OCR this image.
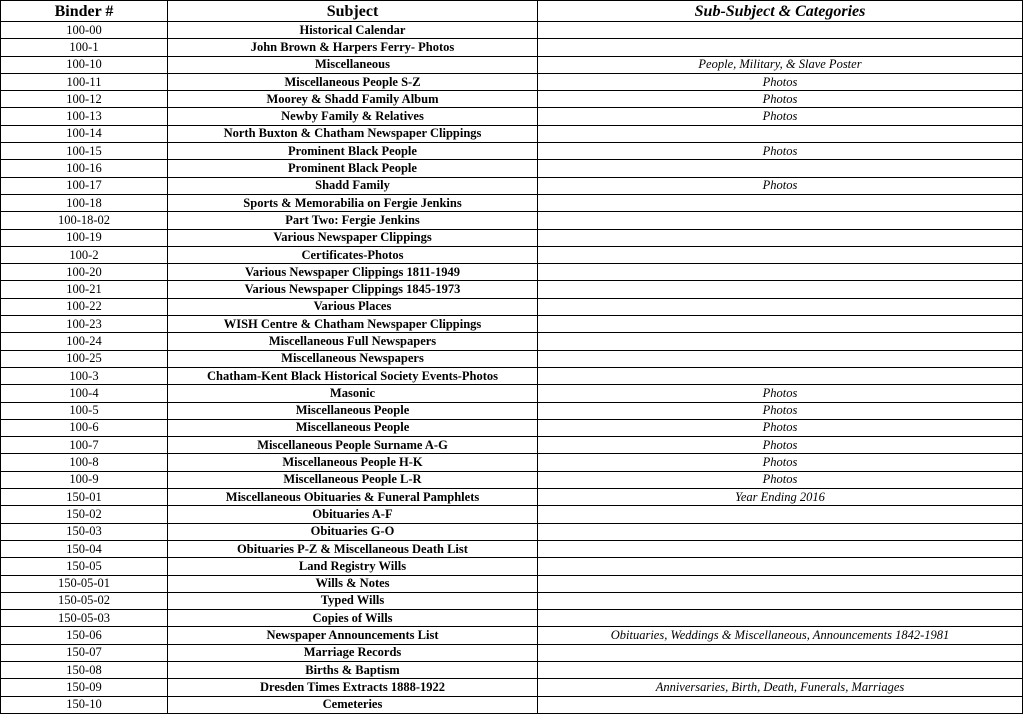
Binder #	Subject	Sub-Subject & Categories
100-00	Historical Calendar	
100-1	John Brown & Harpers Ferry- Photos	
100-10	Miscellaneous	People, Military, & Slave Poster
100-11	Miscellaneous People S-Z	Photos
100-12	Moorey & Shadd Family Album	Photos
100-13	Newby Family & Relatives	Photos
100-14	North Buxton & Chatham Newspaper Clippings	
100-15	Prominent Black People	Photos
100-16	Prominent Black People	
100-17	Shadd Family	Photos
100-18	Sports & Memorabilia on Fergie Jenkins	
100-18-02	Part Two: Fergie Jenkins	
100-19	Various Newspaper Clippings	
100-2	Certificates-Photos	
100-20	Various Newspaper Clippings 1811-1949	
100-21	Various Newspaper Clippings 1845-1973	
100-22	Various Places	
100-23	WISH Centre & Chatham Newspaper Clippings	
100-24	Miscellaneous Full Newspapers	
100-25	Miscellaneous Newspapers	
100-3	Chatham-Kent Black Historical Society Events-Photos	
100-4	Masonic	Photos
100-5	Miscellaneous People	Photos
100-6	Miscellaneous People	Photos
100-7	Miscellaneous People Surname A-G	Photos
100-8	Miscellaneous People H-K	Photos
100-9	Miscellaneous People L-R	Photos
150-01	Miscellaneous Obituaries & Funeral Pamphlets	Year Ending 2016
150-02	Obituaries A-F	
150-03	Obituaries G-O	
150-04	Obituaries P-Z & Miscellaneous Death List	
150-05	Land Registry Wills	
150-05-01	Wills & Notes	
150-05-02	Typed Wills	
150-05-03	Copies of Wills	
150-06	Newspaper Announcements List	Obituaries, Weddings & Miscellaneous, Announcements 1842-1981
150-07	Marriage Records	
150-08	Births & Baptism	
150-09	Dresden Times Extracts 1888-1922	Anniversaries, Birth, Death, Funerals, Marriages
150-10	Cemeteries	
